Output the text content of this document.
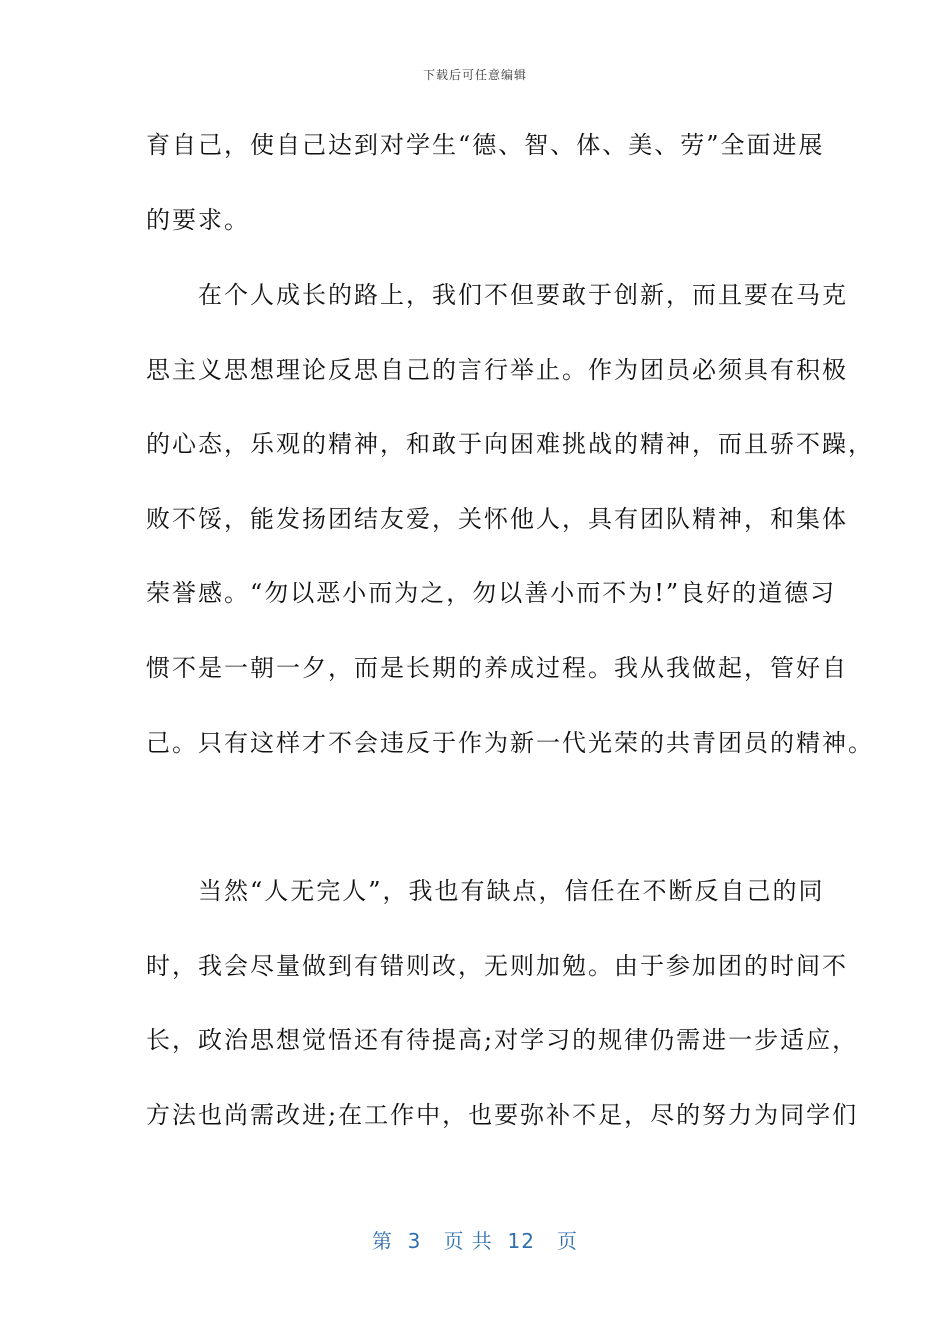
下载后可任意编辑
育自己，使自己达到对学生“德、智、体、美、劳”全面进展
的要求。
　　在个人成长的路上，我们不但要敢于创新，而且要在马克
思主义思想理论反思自己的言行举止。作为团员必须具有积极
的心态，乐观的精神，和敢于向困难挑战的精神，而且骄不躁，
败不馁，能发扬团结友爱，关怀他人，具有团队精神，和集体
荣誉感。“勿以恶小而为之，勿以善小而不为!”良好的道德习
惯不是一朝一夕，而是长期的养成过程。我从我做起，管好自
己。只有这样才不会违反于作为新一代光荣的共青团员的精神。
　　当然“人无完人”，我也有缺点，信任在不断反自己的同
时，我会尽量做到有错则改，无则加勉。由于参加团的时间不
长，政治思想觉悟还有待提高;对学习的规律仍需进一步适应，
方法也尚需改进;在工作中，也要弥补不足，尽的努力为同学们
第  3   页 共  12   页
